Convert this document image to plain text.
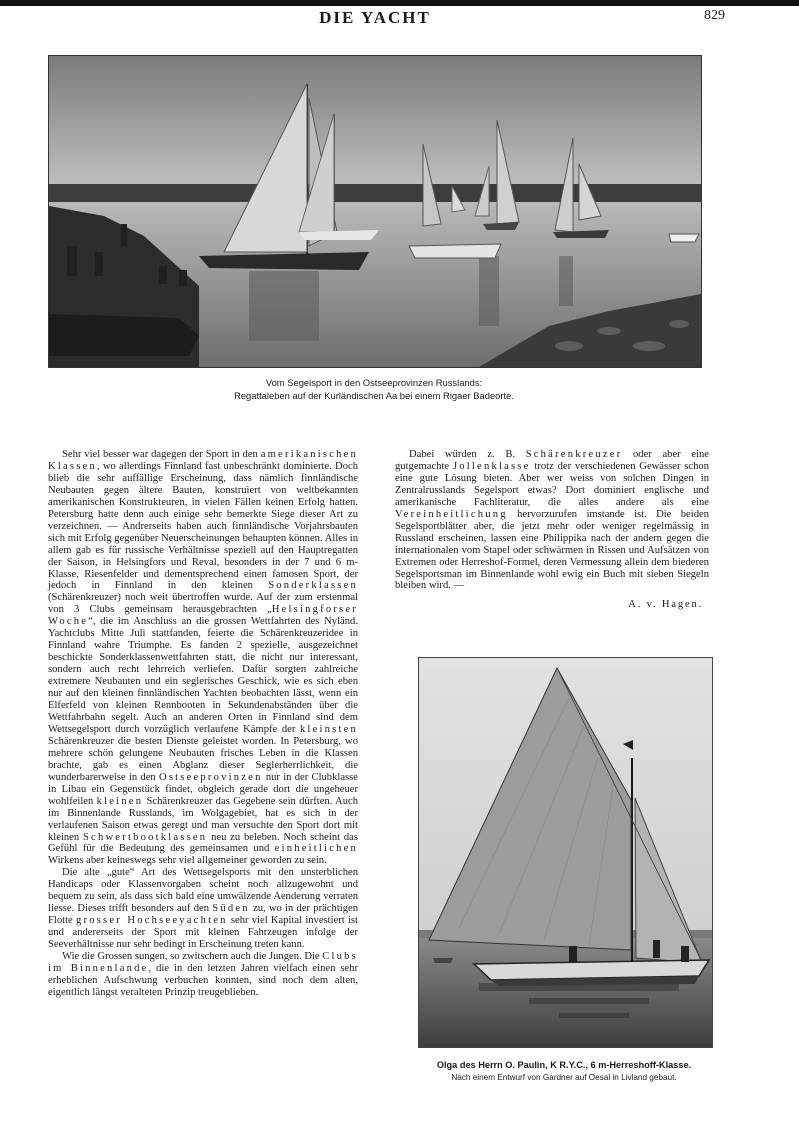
DIE YACHT	829
Vom Segelsport in den Ostseeprovinzen Russlands:
Regattaleben auf der Kurländischen Aa bei einem Rigaer Badeorte.

Sehr viel besser war dagegen der Sport in den amerikanischen Klassen, wo allerdings Finnland fast unbeschränkt dominierte. Doch blieb die sehr auffällige Erscheinung, dass nämlich finnländische Neubauten gegen ältere Bauten, konstruiert von weltbekannten amerikanischen Konstrukteuren, in vielen Fällen keinen Erfolg hatten. Petersburg hatte denn auch einige sehr bemerkte Siege dieser Art zu verzeichnen. — Andrerseits haben auch finnländische Vorjahrsbauten sich mit Erfolg gegenüber Neuerscheinungen behaupten können. Alles in allem gab es für russische Verhältnisse speziell auf den Hauptregatten der Saison, in Helsingfors und Reval, besonders in der 7 und 6 m-Klasse, Riesenfelder und dementsprechend einen famosen Sport, der jedoch in Finnland in den kleinen Sonderklassen (Schärenkreuzer) noch weit übertroffen wurde. Auf der zum erstenmal von 3 Clubs gemeinsam herausgebrachten „Helsingforser Woche“, die im Anschluss an die grossen Wettfahrten des Nyländ. Yachtclubs Mitte Juli stattfanden, feierte die Schärenkreuzeridee in Finnland wahre Triumphe. Es fanden 2 spezielle, ausgezeichnet beschickte Sonderklassenwettfahrten statt, die nicht nur interessant, sondern auch recht lehrreich verliefen. Dafür sorgten zahlreiche extremere Neubauten und ein seglerisches Geschick, wie es sich eben nur auf den kleinen finnländischen Yachten beobachten lässt, wenn ein Elferfeld von kleinen Rennbooten in Sekundenabständen über die Wettfahrbahn segelt. Auch an anderen Orten in Finnland sind dem Wettsegelsport durch vorzüglich verlaufene Kämpfe der kleinsten Schärenkreuzer die besten Dienste geleistet worden. In Petersburg, wo mehrere schön gelungene Neubauten frisches Leben in die Klassen brachte, gab es einen Abglanz dieser Seglerherrlichkeit, die wunderbarerweise in den Ostseeprovinzen nur in der Clubklasse in Libau ein Gegenstück findet, obgleich gerade dort die ungeheuer wohlfeilen kleinen Schärenkreuzer das Gegebene sein dürften. Auch im Binnenlande Russlands, im Wolgagebiet, hat es sich in der verlaufenen Saison etwas geregt und man versuchte den Sport dort mit kleinen Schwertbootklassen neu zu beleben. Noch scheint das Gefühl für die Bedeutung des gemeinsamen und einheitlichen Wirkens aber keineswegs sehr viel allgemeiner geworden zu sein.

Die alte „gute“ Art des Wettsegelsports mit den unsterblichen Handicaps oder Klassenvorgaben scheint noch allzugewohnt und bequem zu sein, als dass sich bald eine umwälzende Aenderung verraten liesse. Dieses trifft besonders auf den Süden zu, wo in der prächtigen Flotte grosser Hochseeyachten sehr viel Kapital investiert ist und andererseits der Sport mit kleinen Fahrzeugen infolge der Seeverhältnisse nur sehr bedingt in Erscheinung treten kann.

Wie die Grossen sungen, so zwitschern auch die Jungen. Die Clubs im Binnenlande, die in den letzten Jahren vielfach einen sehr erheblichen Aufschwung verbuchen konnten, sind noch dem alten, eigentlich längst veralteten Prinzip treugeblieben.

Dabei würden z. B. Schärenkreuzer oder aber eine gutgemachte Jollenklasse trotz der verschiedenen Gewässer schon eine gute Lösung bieten. Aber wer weiss von solchen Dingen in Zentralrusslands Segelsport etwas? Dort dominiert englische und amerikanische Fachliteratur, die alles andere als eine Vereinheitlichung hervorzurufen imstande ist. Die beiden Segelsportblätter aber, die jetzt mehr oder weniger regelmässig in Russland erscheinen, lassen eine Philippika nach der andern gegen die internationalen vom Stapel oder schwärmen in Rissen und Aufsätzen von Extremen oder Herreshof-Formel, deren Vermessung allein dem biederen Segelsportsman im Binnenlande wohl ewig ein Buch mit sieben Siegeln bleiben wird. —

A. v. Hagen.
Olga des Herrn O. Paulin, K R.Y.C., 6 m-Herreshoff-Klasse.
Nach einem Entwurf von Gardner auf Oesal in Livland gebaut.
